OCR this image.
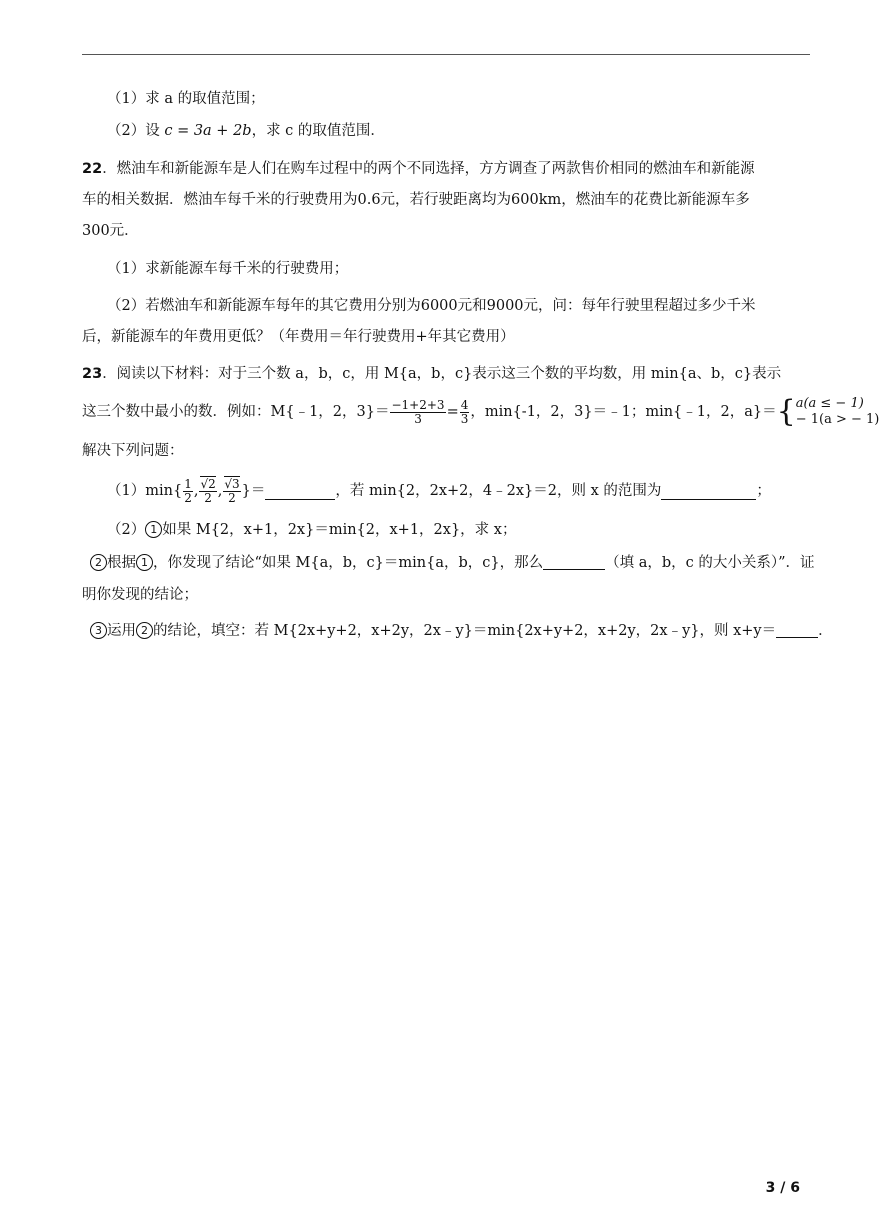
（1）求 a 的取值范围；
（2）设 c = 3a + 2b，求 c 的取值范围．
22．燃油车和新能源车是人们在购车过程中的两个不同选择，方方调查了两款售价相同的燃油车和新能源
车的相关数据．燃油车每千米的行驶费用为0.6元，若行驶距离均为600km，燃油车的花费比新能源车多
300元．
（1）求新能源车每千米的行驶费用；
（2）若燃油车和新能源车每年的其它费用分别为6000元和9000元，问：每年行驶里程超过多少千米
后，新能源车的年费用更低？（年费用＝年行驶费用+年其它费用）
23．阅读以下材料：对于三个数 a，b，c，用 M{a，b，c}表示这三个数的平均数，用 min{a、b，c}表示
这三个数中最小的数．例如：M{﹣1，2，$3\}= \frac{-1+2+3}{3} = \frac{4}{3}$ ，min{-1，2，3}＝﹣1；min{﹣1，2，a}＝ { a(a ≤ − 1)
− 1(a > − 1)
解决下列问题：
$(1)\min\{ \frac{1}{2}$ , $\frac{√2}{2}$ , $\frac{√3}{2}$ }＝	，若 min{2，2x+2，4﹣2x}＝2，则 x 的范围为	；
（2） 1 如果 M{2，x+1，2x}＝min{2，x+1，2x}，求 x；
2 根据 1 ，你发现了结论“如果 M{a，b，c}＝min{a，b，c}，那么	（填 a，b，c 的大小关系）”．证
明你发现的结论；
3 运用 2 的结论，填空：若 M{2x+y+2，x+2y，2x﹣y}＝min{2x+y+2，x+2y，2x﹣y}，则 x+y＝	．
3 / 6
